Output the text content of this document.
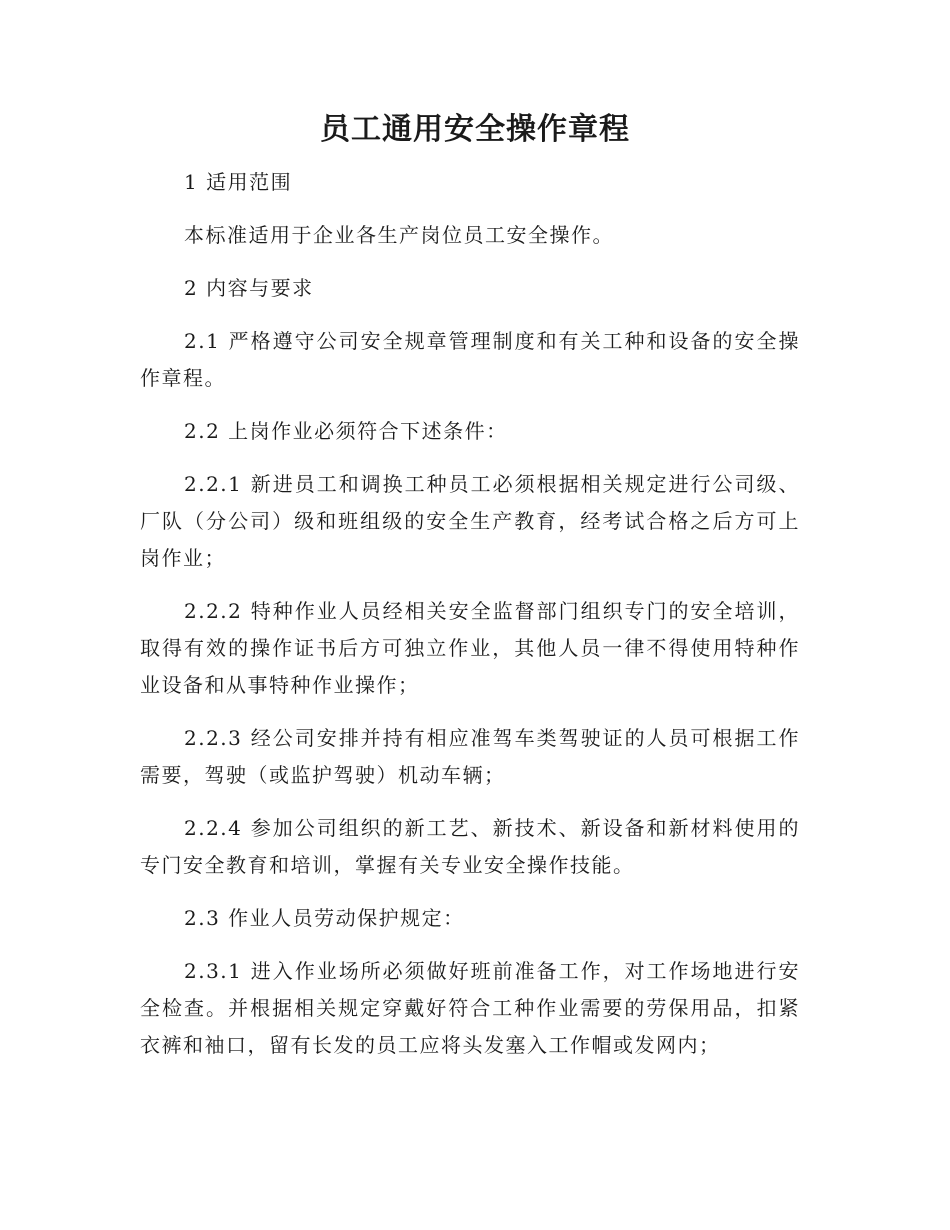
员工通用安全操作章程

1 适用范围

本标准适用于企业各生产岗位员工安全操作。

2 内容与要求

2.1 严格遵守公司安全规章管理制度和有关工种和设备的安全操作章程。

2.2 上岗作业必须符合下述条件：

2.2.1 新进员工和调换工种员工必须根据相关规定进行公司级、厂队（分公司）级和班组级的安全生产教育，经考试合格之后方可上岗作业；

2.2.2 特种作业人员经相关安全监督部门组织专门的安全培训，取得有效的操作证书后方可独立作业，其他人员一律不得使用特种作业设备和从事特种作业操作；

2.2.3 经公司安排并持有相应准驾车类驾驶证的人员可根据工作需要，驾驶（或监护驾驶）机动车辆；

2.2.4 参加公司组织的新工艺、新技术、新设备和新材料使用的专门安全教育和培训，掌握有关专业安全操作技能。

2.3 作业人员劳动保护规定：

2.3.1 进入作业场所必须做好班前准备工作，对工作场地进行安全检查。并根据相关规定穿戴好符合工种作业需要的劳保用品，扣紧衣裤和袖口，留有长发的员工应将头发塞入工作帽或发网内；
